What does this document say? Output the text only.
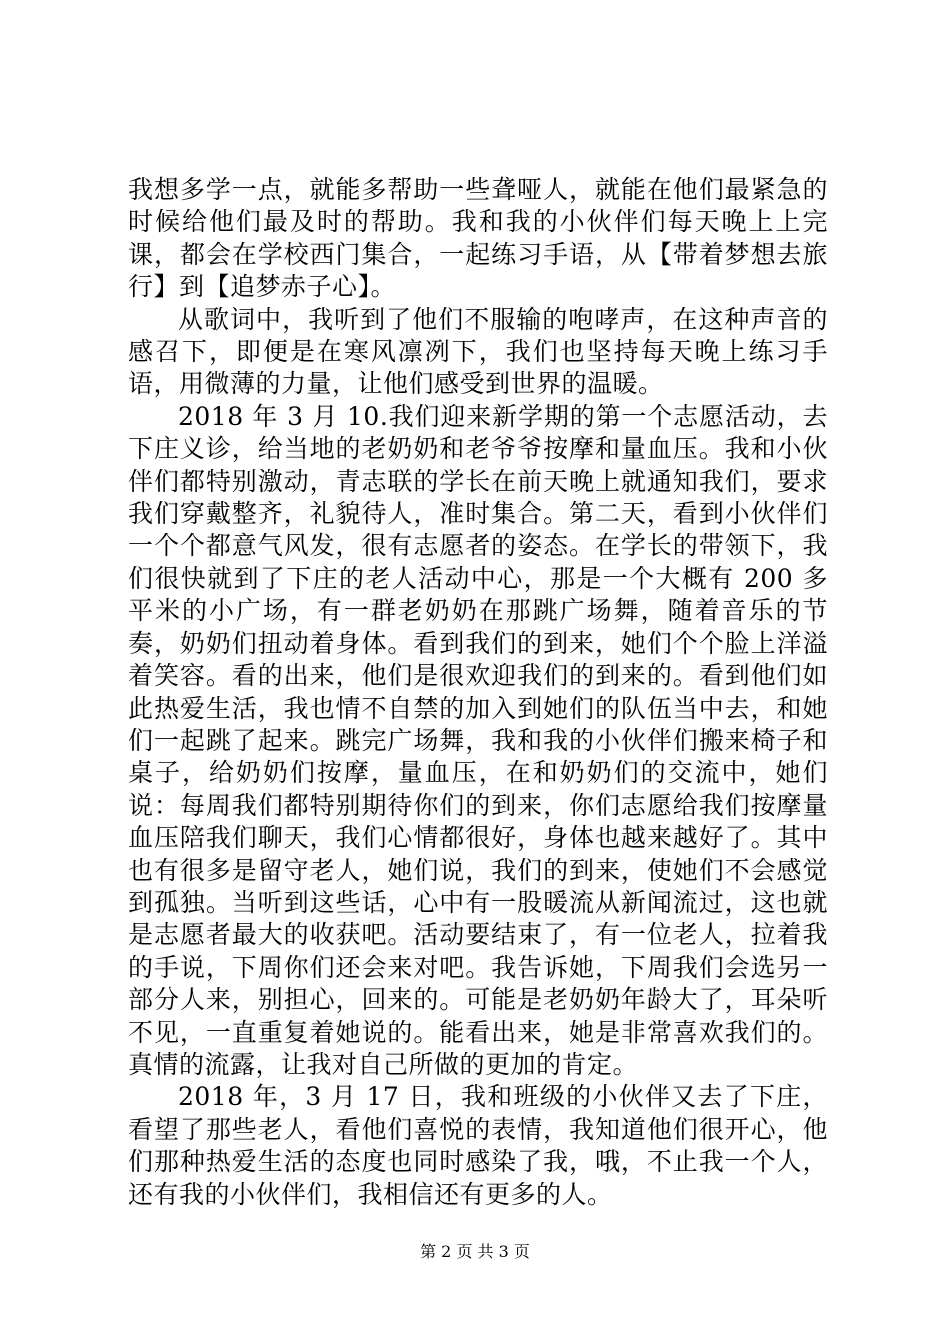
我想多学一点，就能多帮助一些聋哑人，就能在他们最紧急的时候给他们最及时的帮助。我和我的小伙伴们每天晚上上完课，都会在学校西门集合，一起练习手语，从【带着梦想去旅行】到【追梦赤子心】。

从歌词中，我听到了他们不服输的咆哮声，在这种声音的感召下，即便是在寒风凛冽下，我们也坚持每天晚上练习手语，用微薄的力量，让他们感受到世界的温暖。

2018 年 3 月 10.我们迎来新学期的第一个志愿活动，去下庄义诊，给当地的老奶奶和老爷爷按摩和量血压。我和小伙伴们都特别激动，青志联的学长在前天晚上就通知我们，要求我们穿戴整齐，礼貌待人，准时集合。第二天，看到小伙伴们一个个都意气风发，很有志愿者的姿态。在学长的带领下，我们很快就到了下庄的老人活动中心，那是一个大概有 200 多平米的小广场，有一群老奶奶在那跳广场舞，随着音乐的节奏，奶奶们扭动着身体。看到我们的到来，她们个个脸上洋溢着笑容。看的出来，他们是很欢迎我们的到来的。看到他们如此热爱生活，我也情不自禁的加入到她们的队伍当中去，和她们一起跳了起来。跳完广场舞，我和我的小伙伴们搬来椅子和桌子，给奶奶们按摩，量血压，在和奶奶们的交流中，她们说：每周我们都特别期待你们的到来，你们志愿给我们按摩量血压陪我们聊天，我们心情都很好，身体也越来越好了。其中也有很多是留守老人，她们说，我们的到来，使她们不会感觉到孤独。当听到这些话，心中有一股暖流从新闻流过，这也就是志愿者最大的收获吧。活动要结束了，有一位老人，拉着我的手说，下周你们还会来对吧。我告诉她，下周我们会选另一部分人来，别担心，回来的。可能是老奶奶年龄大了，耳朵听不见，一直重复着她说的。能看出来，她是非常喜欢我们的。真情的流露，让我对自己所做的更加的肯定。

2018 年，3 月 17 日，我和班级的小伙伴又去了下庄，看望了那些老人，看他们喜悦的表情，我知道他们很开心，他们那种热爱生活的态度也同时感染了我，哦，不止我一个人，还有我的小伙伴们，我相信还有更多的人。

第 2 页 共 3 页
